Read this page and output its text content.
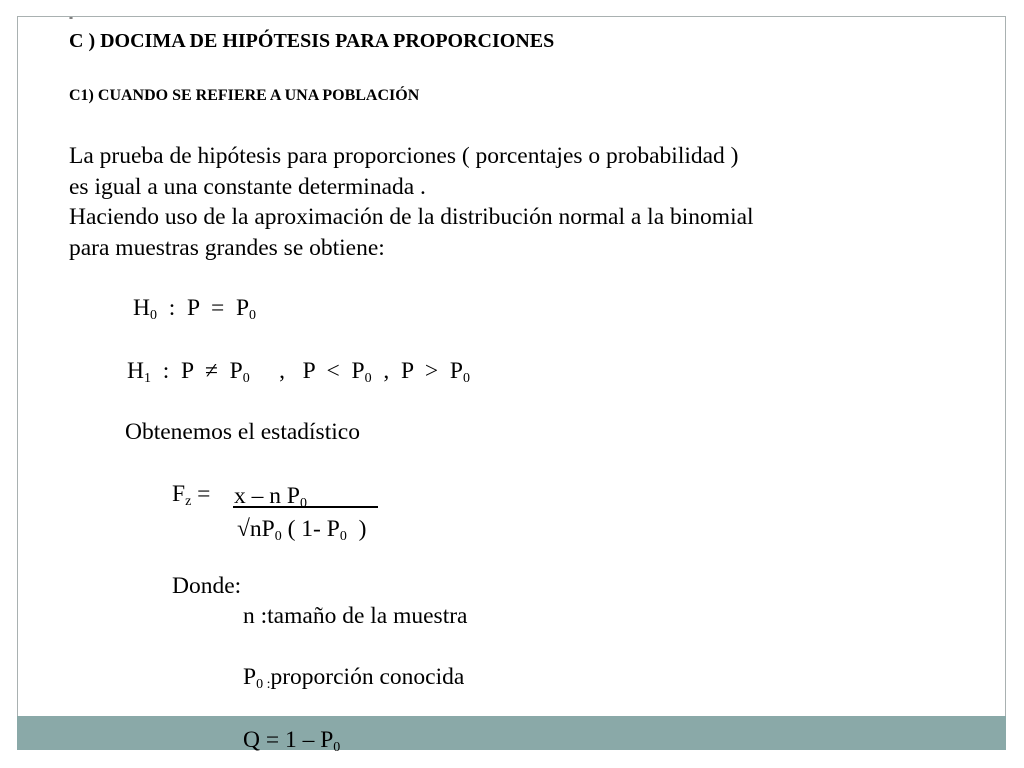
-
C ) DOCIMA DE HIPÓTESIS PARA PROPORCIONES
C1) CUANDO SE REFIERE A UNA POBLACIÓN
La prueba de hipótesis para proporciones ( porcentajes o probabilidad )
es igual a una constante determinada .
Haciendo uso de la aproximación de la distribución normal a la binomial
para muestras grandes se obtiene:
$H_0$  :  $P = P_0$
$H_1$  :  $P \ne P_0$     ,   $P < P_0$  ,  $P > P_0$
Obtenemos el estadístico
$F_z = x - n$ $P_0$
$√nP_0$ ( 1- $P_0$  )
Donde:
n :tamaño de la muestra
$P_{0 :}proporción$ conocida
$Q = 1 - P_0$
